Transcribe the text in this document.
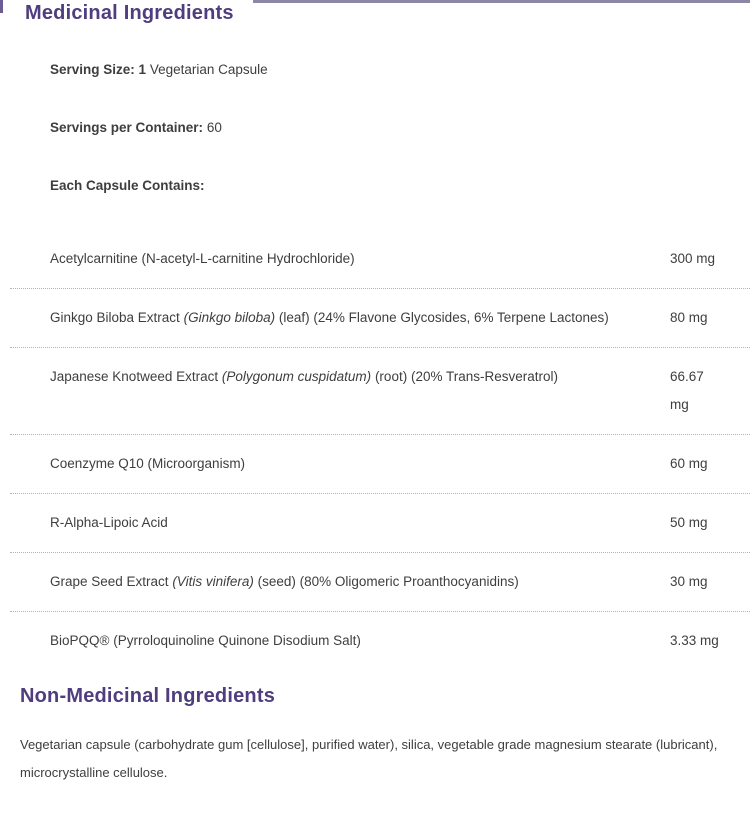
Medicinal Ingredients

Serving Size: 1 Vegetarian Capsule

Servings per Container: 60

Each Capsule Contains:

Acetylcarnitine (N-acetyl-L-carnitine Hydrochloride)	300 mg
Ginkgo Biloba Extract (Ginkgo biloba) (leaf) (24% Flavone Glycosides, 6% Terpene Lactones)	80 mg
Japanese Knotweed Extract (Polygonum cuspidatum) (root) (20% Trans-Resveratrol)	66.67 mg
Coenzyme Q10 (Microorganism)	60 mg
R-Alpha-Lipoic Acid	50 mg
Grape Seed Extract (Vitis vinifera) (seed) (80% Oligomeric Proanthocyanidins)	30 mg
BioPQQ® (Pyrroloquinoline Quinone Disodium Salt)	3.33 mg
Non-Medicinal Ingredients

Vegetarian capsule (carbohydrate gum [cellulose], purified water), silica, vegetable grade magnesium stearate (lubricant), microcrystalline cellulose.
